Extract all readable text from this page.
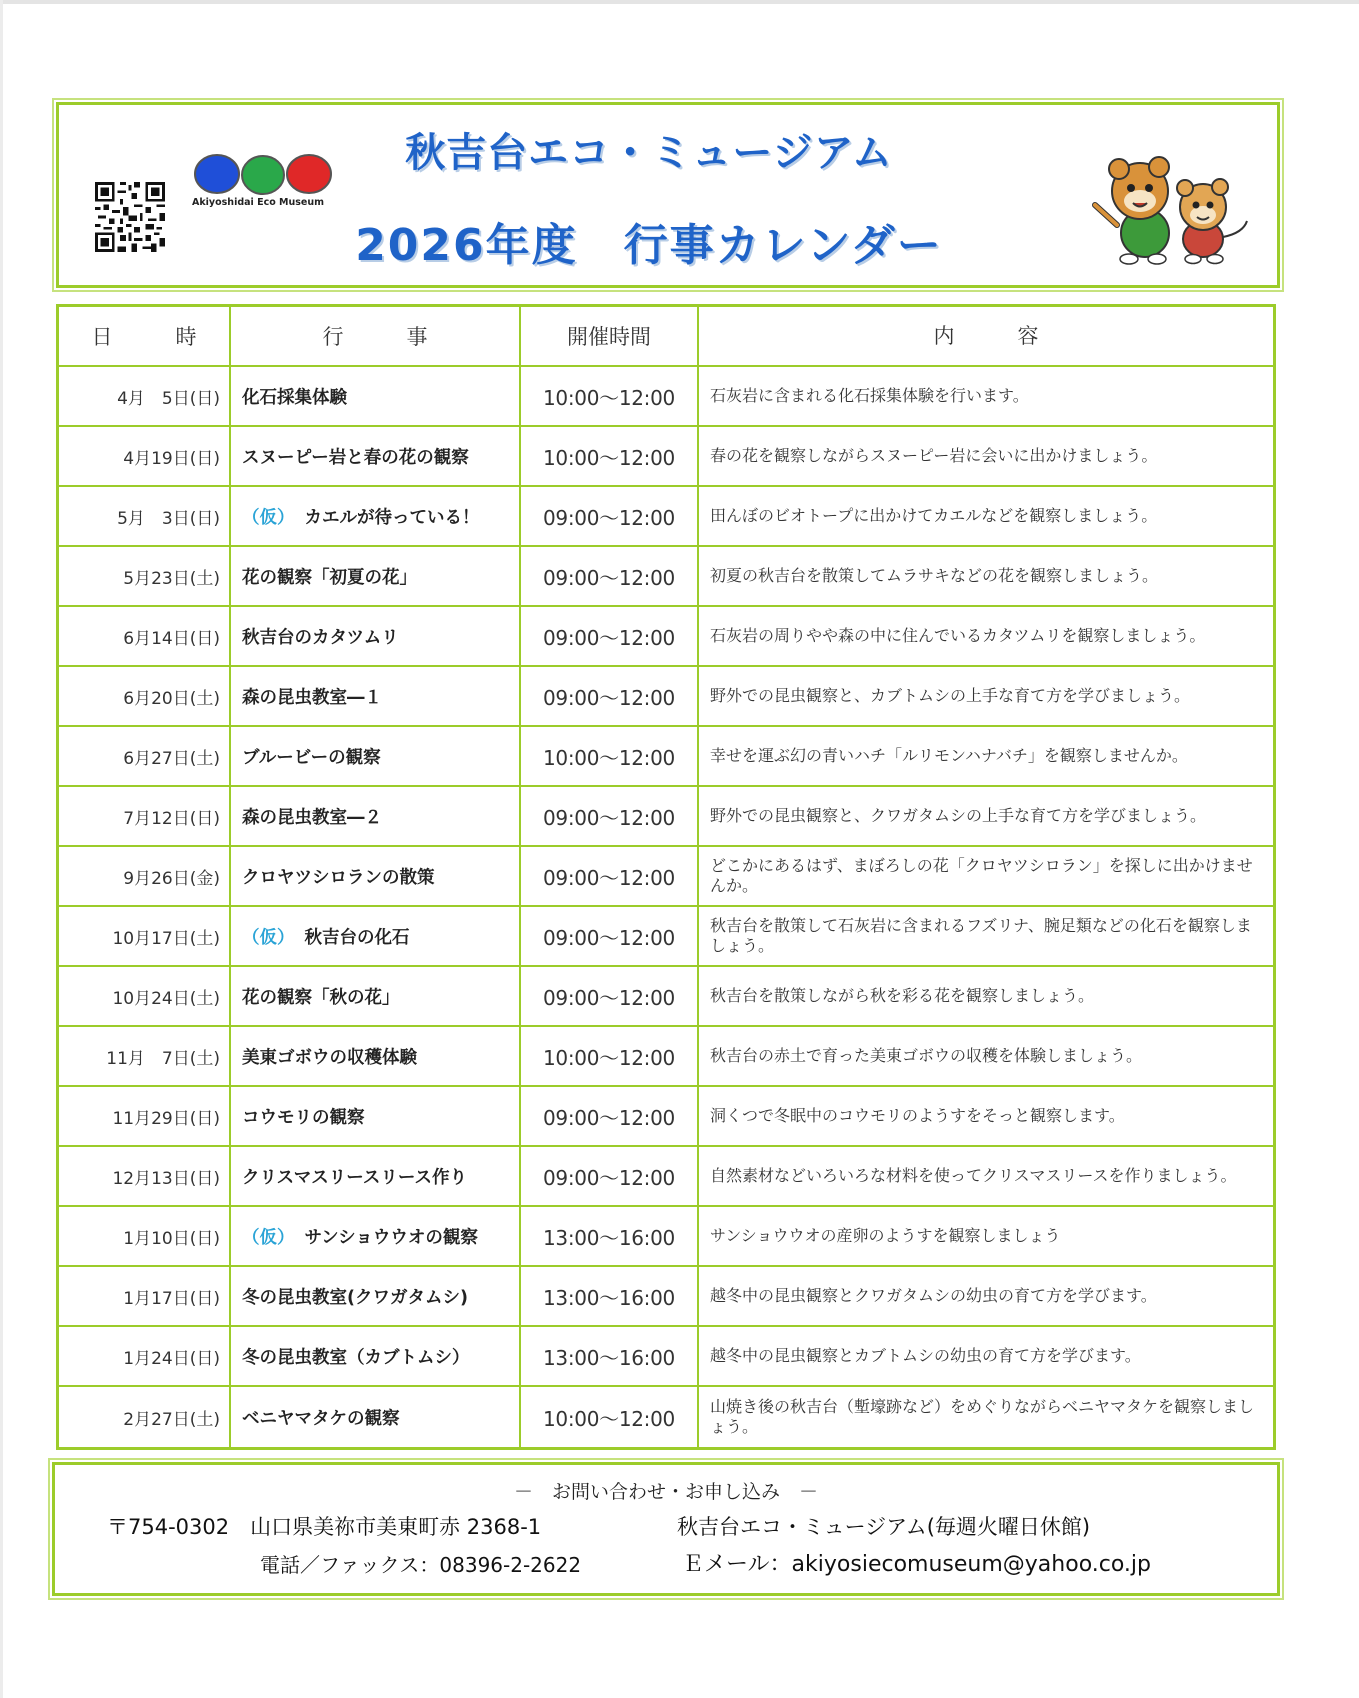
Akiyoshidai Eco Museum
秋吉台エコ・ミュージアム
2026年度　行事カレンダー
日　　　時	行　　　事	開催時間	内　　　容
4月　5日(日)	化石採集体験	10:00～12:00	石灰岩に含まれる化石採集体験を行います。
4月19日(日)	スヌーピー岩と春の花の観察	10:00～12:00	春の花を観察しながらスヌーピー岩に会いに出かけましょう。
5月　3日(日)	（仮） カエルが待っている！	09:00～12:00	田んぼのビオトープに出かけてカエルなどを観察しましょう。
5月23日(土)	花の観察「初夏の花」	09:00～12:00	初夏の秋吉台を散策してムラサキなどの花を観察しましょう。
6月14日(日)	秋吉台のカタツムリ	09:00～12:00	石灰岩の周りやや森の中に住んでいるカタツムリを観察しましょう。
6月20日(土)	森の昆虫教室―１	09:00～12:00	野外での昆虫観察と、カブトムシの上手な育て方を学びましょう。
6月27日(土)	ブルービーの観察	10:00～12:00	幸せを運ぶ幻の青いハチ「ルリモンハナバチ」を観察しませんか。
7月12日(日)	森の昆虫教室―２	09:00～12:00	野外での昆虫観察と、クワガタムシの上手な育て方を学びましょう。
9月26日(金)	クロヤツシロランの散策	09:00～12:00	どこかにあるはず、まぼろしの花「クロヤツシロラン」を探しに出かけませんか。
10月17日(土)	（仮） 秋吉台の化石	09:00～12:00	秋吉台を散策して石灰岩に含まれるフズリナ、腕足類などの化石を観察しましょう。
10月24日(土)	花の観察「秋の花」	09:00～12:00	秋吉台を散策しながら秋を彩る花を観察しましょう。
11月　7日(土)	美東ゴボウの収穫体験	10:00～12:00	秋吉台の赤土で育った美東ゴボウの収穫を体験しましょう。
11月29日(日)	コウモリの観察	09:00～12:00	洞くつで冬眠中のコウモリのようすをそっと観察します。
12月13日(日)	クリスマスリースリース作り	09:00～12:00	自然素材などいろいろな材料を使ってクリスマスリースを作りましょう。
1月10日(日)	（仮） サンショウウオの観察	13:00～16:00	サンショウウオの産卵のようすを観察しましょう
1月17日(日)	冬の昆虫教室(クワガタムシ)	13:00～16:00	越冬中の昆虫観察とクワガタムシの幼虫の育て方を学びます。
1月24日(日)	冬の昆虫教室（カブトムシ）	13:00～16:00	越冬中の昆虫観察とカブトムシの幼虫の育て方を学びます。
2月27日(土)	ベニヤマタケの観察	10:00～12:00	山焼き後の秋吉台（塹壕跡など）をめぐりながらベニヤマタケを観察しましょう。
－　お問い合わせ・お申し込み　－
〒754-0302　山口県美祢市美東町赤 2368-1	秋吉台エコ・ミュージアム(毎週火曜日休館)
電話／ファックス：08396-2-2622	Ｅメール：akiyosiecomuseum@yahoo.co.jp
